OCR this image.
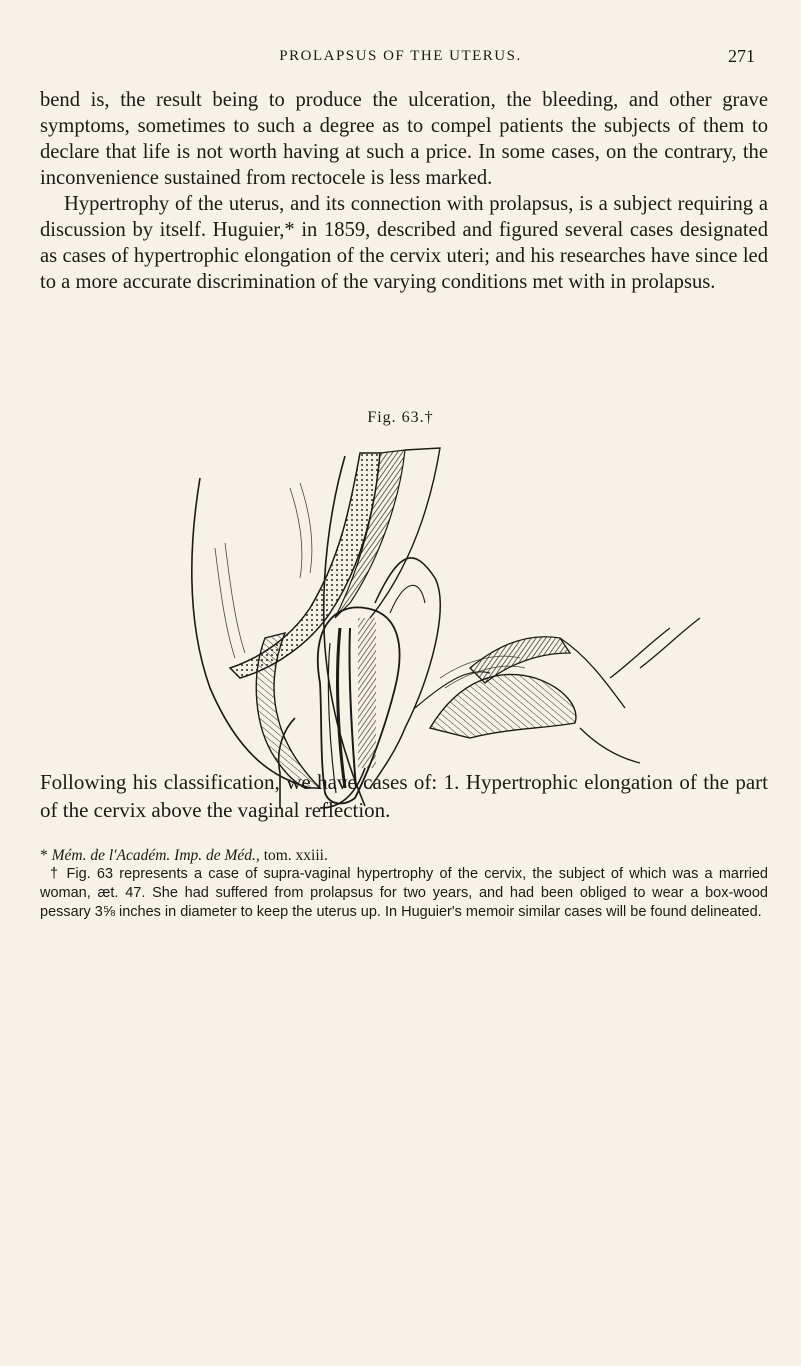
PROLAPSUS OF THE UTERUS.	271

bend is, the result being to produce the ulceration, the bleeding, and other grave symptoms, sometimes to such a degree as to compel patients the subjects of them to declare that life is not worth having at such a price. In some cases, on the contrary, the inconvenience sustained from rectocele is less marked.

Hypertrophy of the uterus, and its connection with prolapsus, is a subject requiring a discussion by itself. Huguier,* in 1859, described and figured several cases designated as cases of hypertrophic elongation of the cervix uteri; and his researches have since led to a more accurate discrimination of the varying conditions met with in prolapsus.

Fig. 63.†

Following his classification, we have cases of: 1. Hypertrophic elongation of the part of the cervix above the vaginal reflection.

* Mém. de l'Académ. Imp. de Méd., tom. xxiii.

† Fig. 63 represents a case of supra-vaginal hypertrophy of the cervix, the subject of which was a married woman, æt. 47. She had suffered from prolapsus for two years, and had been obliged to wear a box-wood pessary 3⅝ inches in diameter to keep the uterus up. In Huguier's memoir similar cases will be found delineated.
